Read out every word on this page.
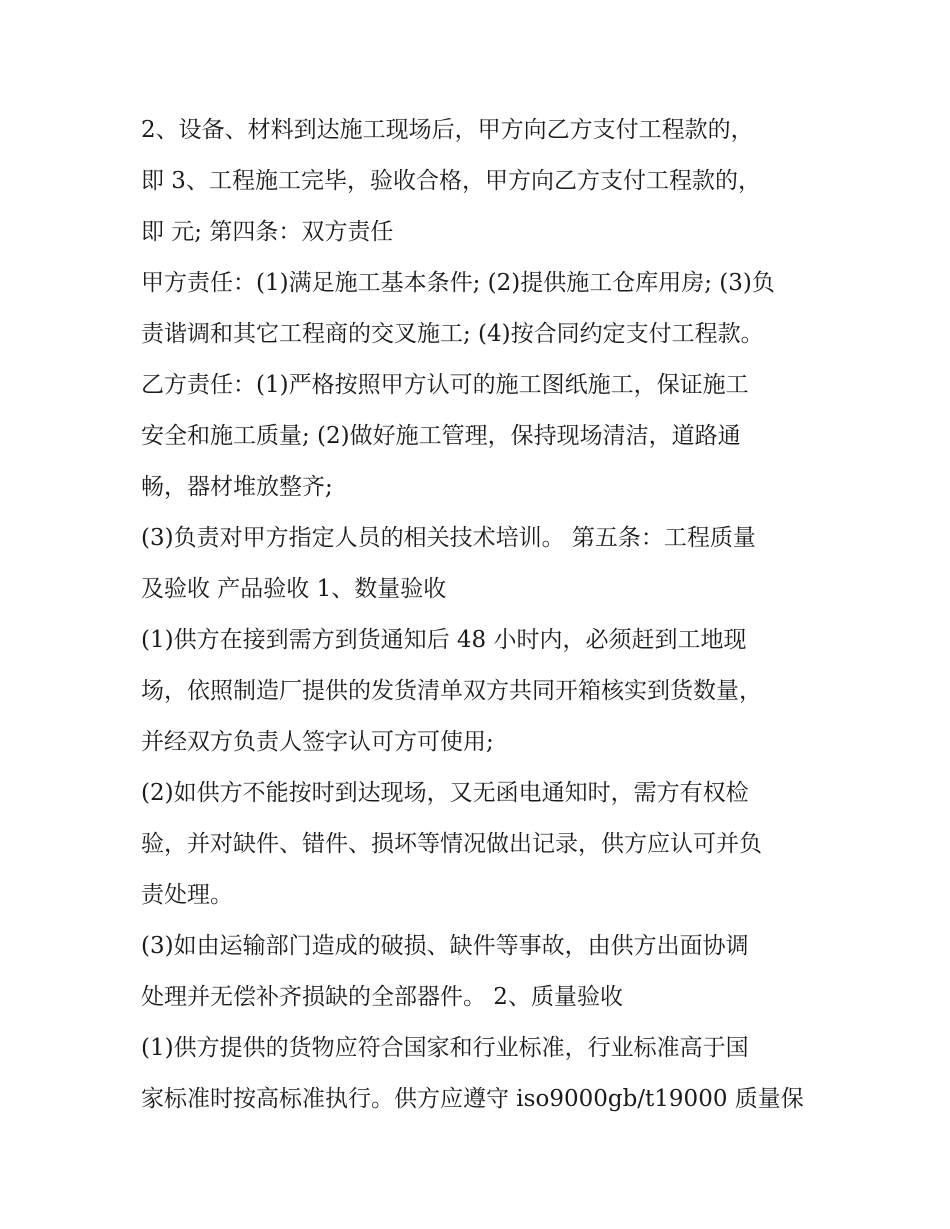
2、设备、材料到达施工现场后，甲方向乙方支付工程款的，
即 3、工程施工完毕，验收合格，甲方向乙方支付工程款的，
即 元; 第四条：双方责任
甲方责任：(1)满足施工基本条件; (2)提供施工仓库用房; (3)负
责谐调和其它工程商的交叉施工; (4)按合同约定支付工程款。
乙方责任：(1)严格按照甲方认可的施工图纸施工，保证施工
安全和施工质量; (2)做好施工管理，保持现场清洁，道路通
畅，器材堆放整齐;
(3)负责对甲方指定人员的相关技术培训。 第五条：工程质量
及验收 产品验收 1、数量验收
(1)供方在接到需方到货通知后 48 小时内，必须赶到工地现
场，依照制造厂提供的发货清单双方共同开箱核实到货数量，
并经双方负责人签字认可方可使用;
(2)如供方不能按时到达现场，又无函电通知时，需方有权检
验，并对缺件、错件、损坏等情况做出记录，供方应认可并负
责处理。
(3)如由运输部门造成的破损、缺件等事故，由供方出面协调
处理并无偿补齐损缺的全部器件。 2、质量验收
(1)供方提供的货物应符合国家和行业标准，行业标准高于国
家标准时按高标准执行。供方应遵守 iso9000gb/t19000 质量保
